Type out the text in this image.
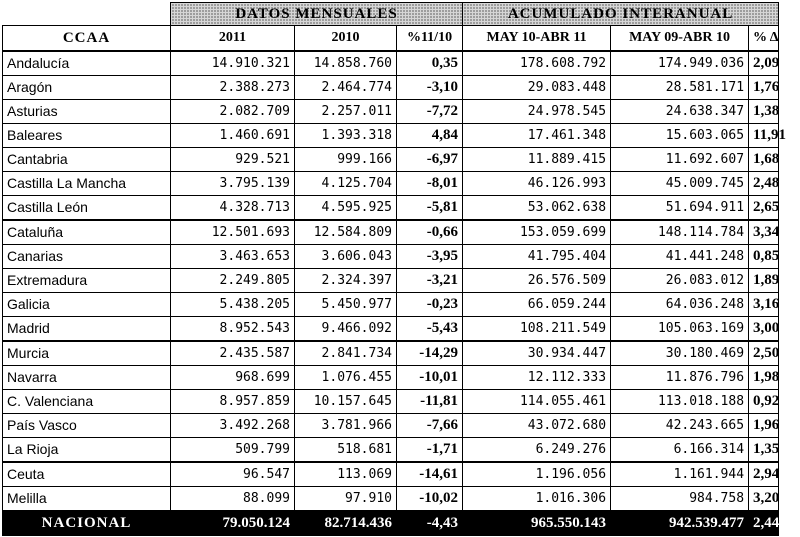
	DATOS MENSUALES			ACUMULADO INTERANUAL		
CCAA	2011	2010	%11/10	MAY 10-ABR 11	MAY 09-ABR 10	% Δ
Andalucía	14.910.321	14.858.760	0,35	178.608.792	174.949.036	2,09
Aragón	2.388.273	2.464.774	-3,10	29.083.448	28.581.171	1,76
Asturias	2.082.709	2.257.011	-7,72	24.978.545	24.638.347	1,38
Baleares	1.460.691	1.393.318	4,84	17.461.348	15.603.065	11,91
Cantabria	929.521	999.166	-6,97	11.889.415	11.692.607	1,68
Castilla La Mancha	3.795.139	4.125.704	-8,01	46.126.993	45.009.745	2,48
Castilla León	4.328.713	4.595.925	-5,81	53.062.638	51.694.911	2,65
Cataluña	12.501.693	12.584.809	-0,66	153.059.699	148.114.784	3,34
Canarias	3.463.653	3.606.043	-3,95	41.795.404	41.441.248	0,85
Extremadura	2.249.805	2.324.397	-3,21	26.576.509	26.083.012	1,89
Galicia	5.438.205	5.450.977	-0,23	66.059.244	64.036.248	3,16
Madrid	8.952.543	9.466.092	-5,43	108.211.549	105.063.169	3,00
Murcia	2.435.587	2.841.734	-14,29	30.934.447	30.180.469	2,50
Navarra	968.699	1.076.455	-10,01	12.112.333	11.876.796	1,98
C. Valenciana	8.957.859	10.157.645	-11,81	114.055.461	113.018.188	0,92
País Vasco	3.492.268	3.781.966	-7,66	43.072.680	42.243.665	1,96
La Rioja	509.799	518.681	-1,71	6.249.276	6.166.314	1,35
Ceuta	96.547	113.069	-14,61	1.196.056	1.161.944	2,94
Melilla	88.099	97.910	-10,02	1.016.306	984.758	3,20
NACIONAL	79.050.124	82.714.436	-4,43	965.550.143	942.539.477	2,44
